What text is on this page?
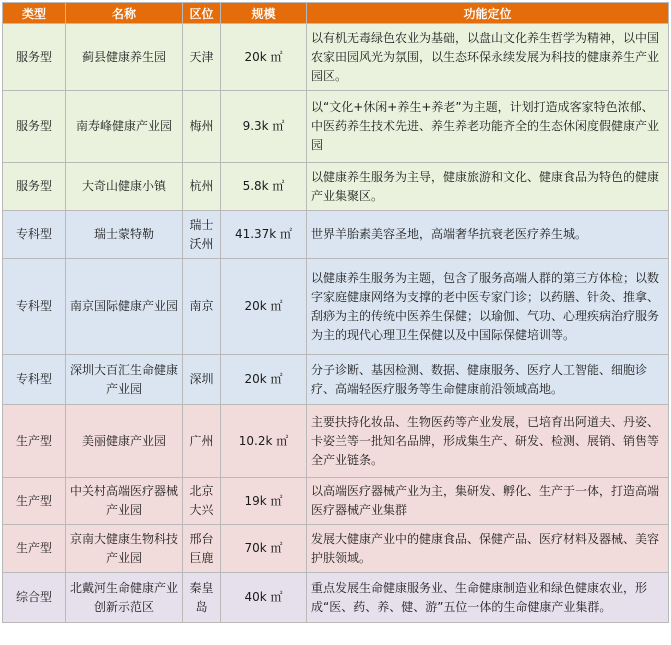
类型	名称	区位	规模	功能定位
服务型	蓟县健康养生园	天津	20k ㎡	以有机无毒绿色农业为基础，以盘山文化养生哲学为精神，以中国农家田园风光为氛围，以生态环保永续发展为科技的健康养生产业园区。
服务型	南寿峰健康产业园	梅州	9.3k ㎡	以“文化+休闲+养生+养老”为主题，计划打造成客家特色浓郁、中医药养生技术先进、养生养老功能齐全的生态休闲度假健康产业园
服务型	大奇山健康小镇	杭州	5.8k ㎡	以健康养生服务为主导，健康旅游和文化、健康食品为特色的健康产业集聚区。
专科型	瑞士蒙特勒	瑞士沃州	41.37k ㎡	世界羊胎素美容圣地，高端奢华抗衰老医疗养生城。
专科型	南京国际健康产业园	南京	20k ㎡	以健康养生服务为主题，包含了服务高端人群的第三方体检；以数字家庭健康网络为支撑的老中医专家门诊；以药膳、针灸、推拿、刮痧为主的传统中医养生保健；以瑜伽、气功、心理疾病治疗服务为主的现代心理卫生保健以及中国际保健培训等。
专科型	深圳大百汇生命健康产业园	深圳	20k ㎡	分子诊断、基因检测、数据、健康服务、医疗人工智能、细胞诊疗、高端轻医疗服务等生命健康前沿领域高地。
生产型	美丽健康产业园	广州	10.2k ㎡	主要扶持化妆品、生物医药等产业发展，已培育出阿道夫、丹姿、卡姿兰等一批知名品牌，形成集生产、研发、检测、展销、销售等全产业链条。
生产型	中关村高端医疗器械产业园	北京大兴	19k ㎡	以高端医疗器械产业为主，集研发、孵化、生产于一体，打造高端医疗器械产业集群
生产型	京南大健康生物科技产业园	邢台巨鹿	70k ㎡	发展大健康产业中的健康食品、保健产品、医疗材料及器械、美容护肤领域。
综合型	北戴河生命健康产业创新示范区	秦皇岛	40k ㎡	重点发展生命健康服务业、生命健康制造业和绿色健康农业，形成“医、药、养、健、游”五位一体的生命健康产业集群。
